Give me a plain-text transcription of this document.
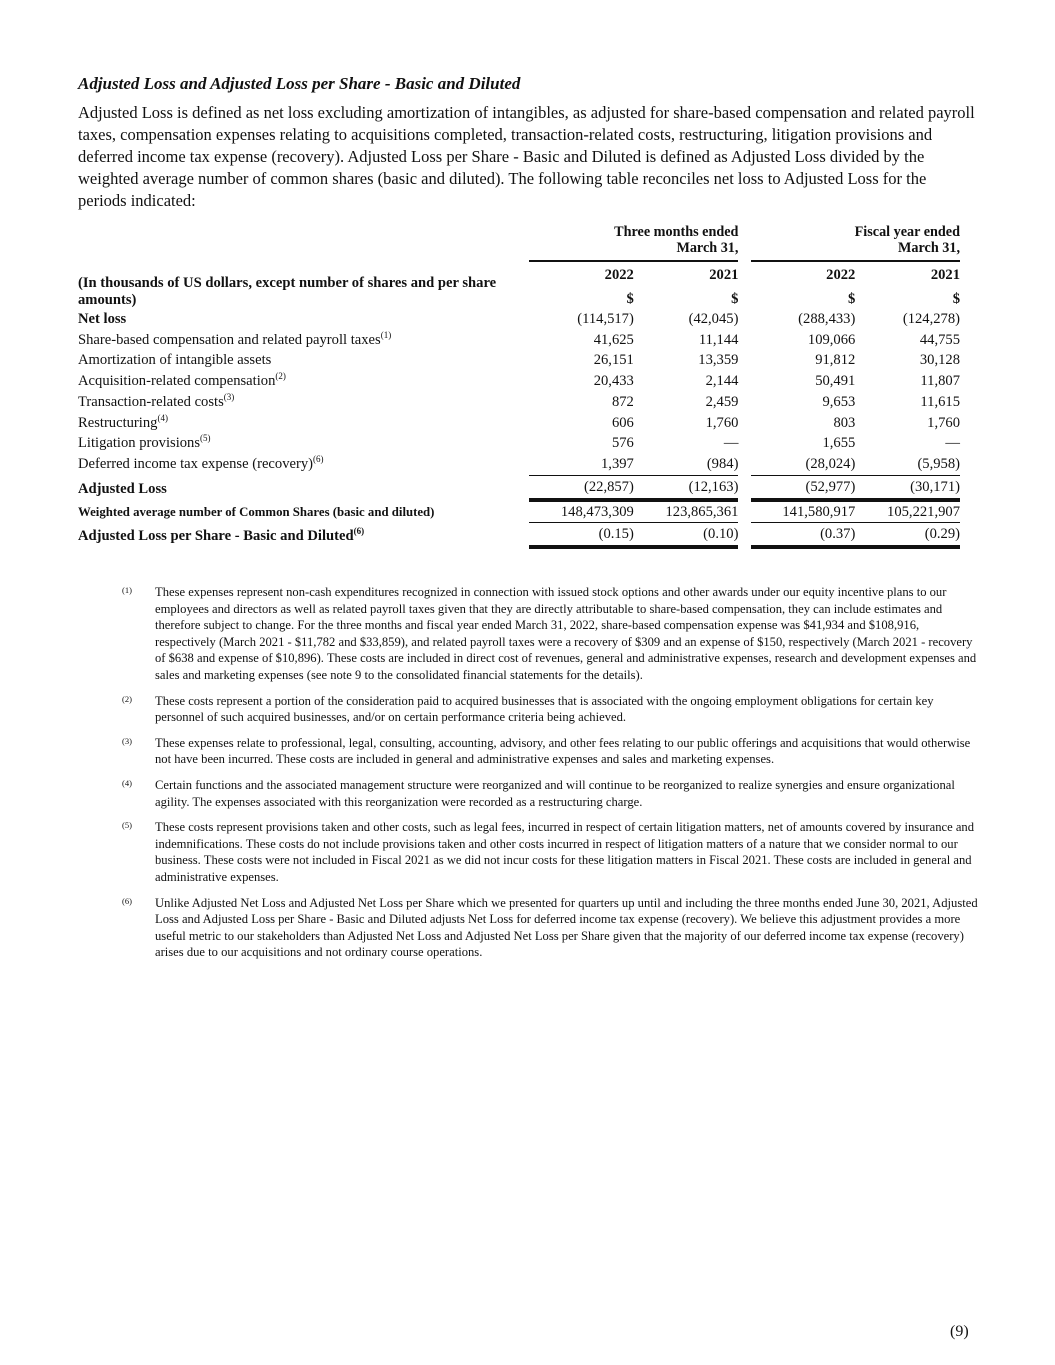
Adjusted Loss and Adjusted Loss per Share - Basic and Diluted

Adjusted Loss is defined as net loss excluding amortization of intangibles, as adjusted for share-based compensation and related payroll taxes, compensation expenses relating to acquisitions completed, transaction-related costs, restructuring, litigation provisions and deferred income tax expense (recovery). Adjusted Loss per Share - Basic and Diluted is defined as Adjusted Loss divided by the weighted average number of common shares (basic and diluted). The following table reconciles net loss to Adjusted Loss for the periods indicated:

Three months ended
March 31,

Fiscal year ended
March 31,

(In thousands of US dollars, except number of shares and per share amounts)	2022	2021		2022	2021
	$	$		$	$
Net loss	(114,517)	(42,045)		(288,433)	(124,278)
Share-based compensation and related payroll taxes$^{(1)}$	41,625	11,144		109,066	44,755
Amortization of intangible assets	26,151	13,359		91,812	30,128
Acquisition-related compensation$^{(2)}$	20,433	2,144		50,491	11,807
Transaction-related costs$^{(3)}$	872	2,459		9,653	11,615
Restructuring$^{(4)}$	606	1,760		803	1,760
Litigation provisions$^{(5)}$	576	—		1,655	—
Deferred income tax expense (recovery)$^{(6)}$	1,397	(984)		(28,024)	(5,958)
Adjusted Loss	(22,857)	(12,163)		(52,977)	(30,171)
Weighted average number of Common Shares (basic and diluted)	148,473,309	123,865,361		141,580,917	105,221,907
Adjusted Loss per Share - Basic and Diluted$^{(6)}$	(0.15)	(0.10)		(0.37)	(0.29)
(1)	These expenses represent non-cash expenditures recognized in connection with issued stock options and other awards under our equity incentive plans to our employees and directors as well as related payroll taxes given that they are directly attributable to share-based compensation, they can include estimates and therefore subject to change. For the three months and fiscal year ended March 31, 2022, share-based compensation expense was $41,934 and $108,916, respectively (March 2021 - $11,782 and $33,859), and related payroll taxes were a recovery of $309 and an expense of $150, respectively (March 2021 - recovery of $638 and expense of $10,896). These costs are included in direct cost of revenues, general and administrative expenses, research and development expenses and sales and marketing expenses (see note 9 to the consolidated financial statements for the details).
(2)	These costs represent a portion of the consideration paid to acquired businesses that is associated with the ongoing employment obligations for certain key personnel of such acquired businesses, and/or on certain performance criteria being achieved.
(3)	These expenses relate to professional, legal, consulting, accounting, advisory, and other fees relating to our public offerings and acquisitions that would otherwise not have been incurred. These costs are included in general and administrative expenses and sales and marketing expenses.
(4)	Certain functions and the associated management structure were reorganized and will continue to be reorganized to realize synergies and ensure organizational agility. The expenses associated with this reorganization were recorded as a restructuring charge.
(5)	These costs represent provisions taken and other costs, such as legal fees, incurred in respect of certain litigation matters, net of amounts covered by insurance and indemnifications. These costs do not include provisions taken and other costs incurred in respect of litigation matters of a nature that we consider normal to our business. These costs were not included in Fiscal 2021 as we did not incur costs for these litigation matters in Fiscal 2021. These costs are included in general and administrative expenses.
(6)	Unlike Adjusted Net Loss and Adjusted Net Loss per Share which we presented for quarters up until and including the three months ended June 30, 2021, Adjusted Loss and Adjusted Loss per Share - Basic and Diluted adjusts Net Loss for deferred income tax expense (recovery). We believe this adjustment provides a more useful metric to our stakeholders than Adjusted Net Loss and Adjusted Net Loss per Share given that the majority of our deferred income tax expense (recovery) arises due to our acquisitions and not ordinary course operations.
(9)
